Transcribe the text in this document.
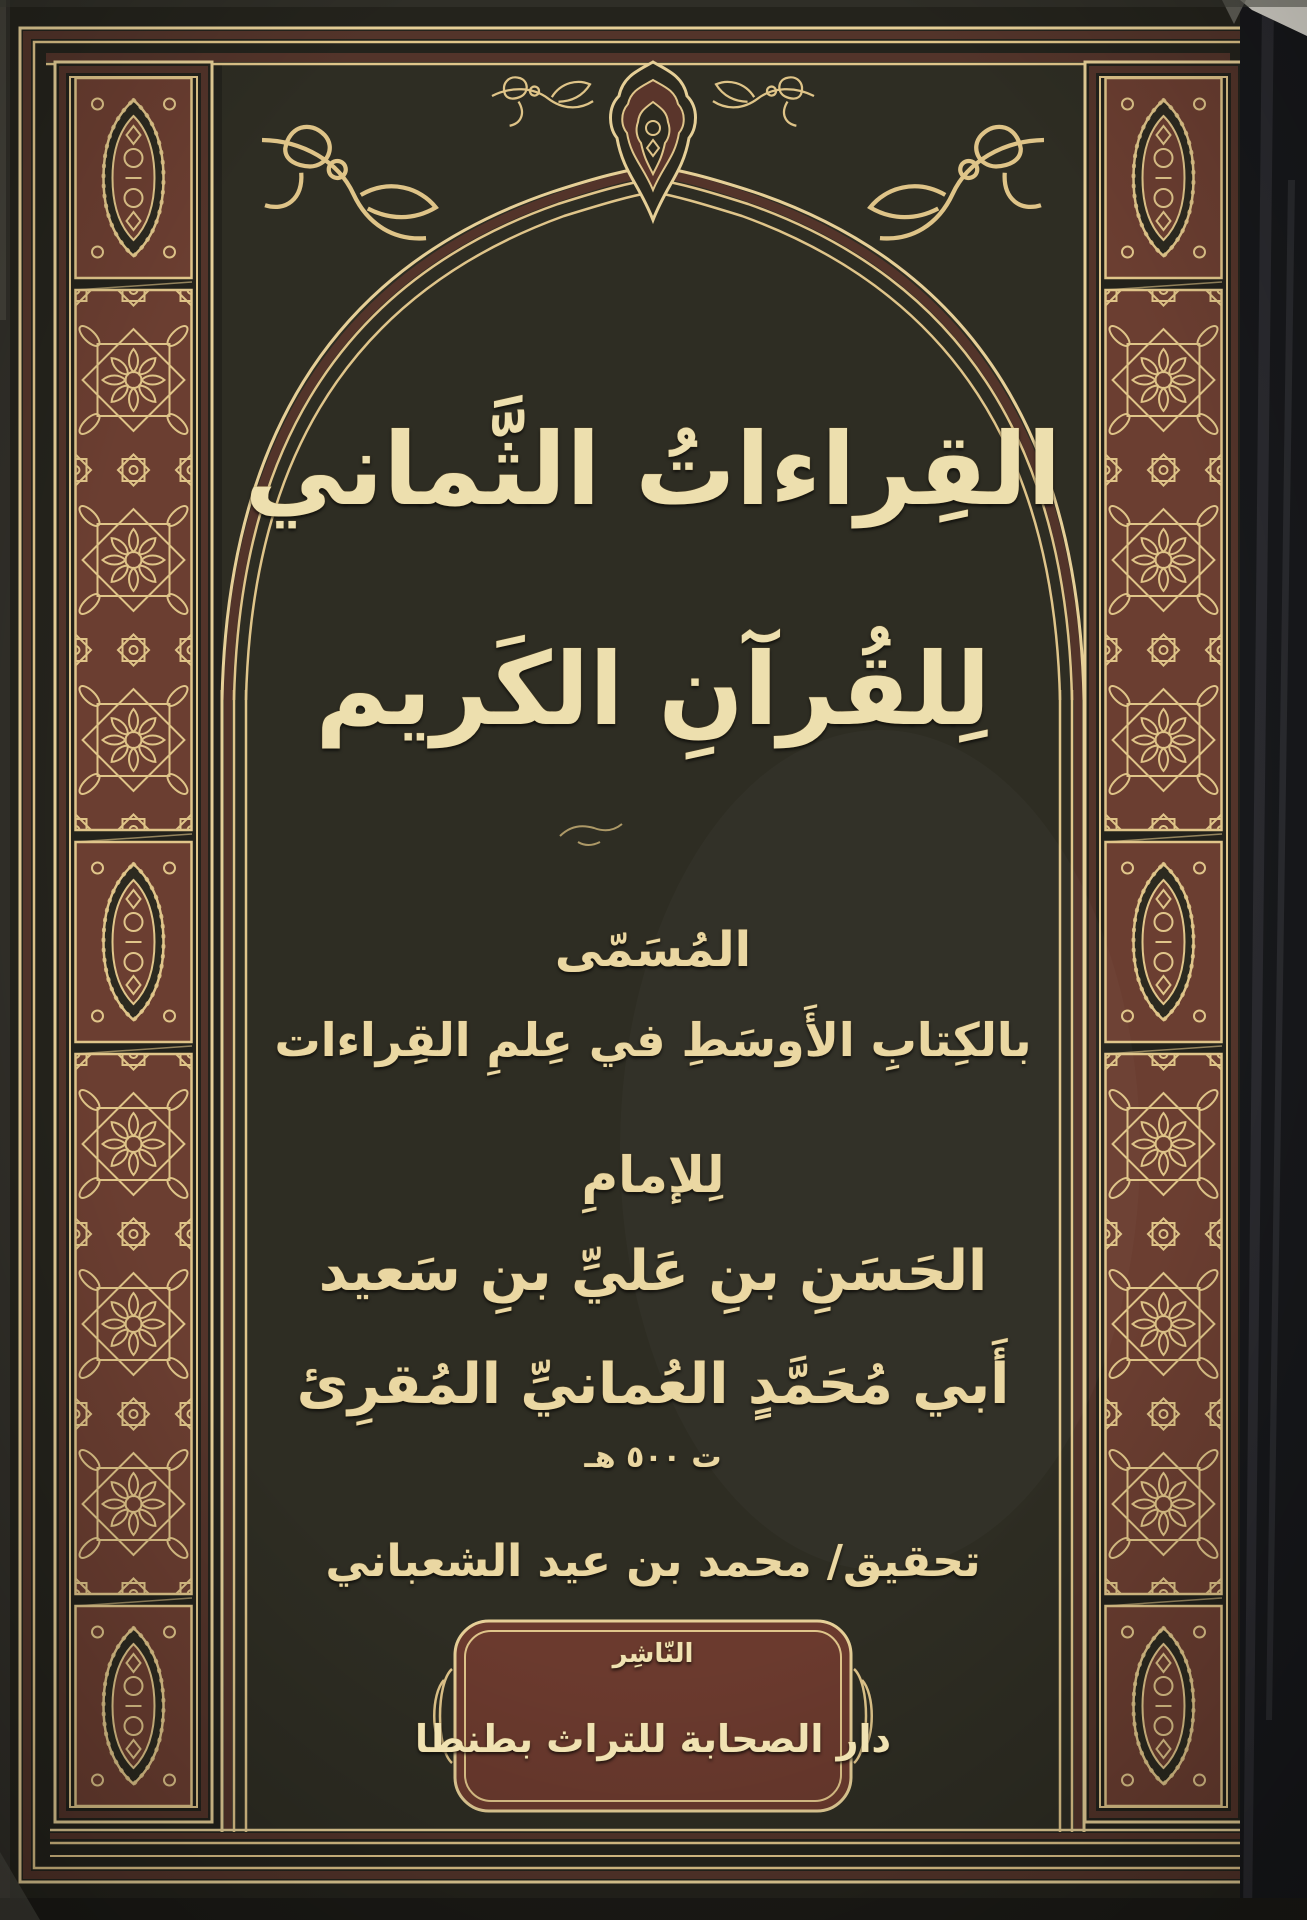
القِراءاتُ الثَّماني
لِلقُرآنِ الكَريم
المُسَمّى
بالكِتابِ الأَوسَطِ في عِلمِ القِراءات
لِلإمامِ
الحَسَنِ بنِ عَليِّ بنِ سَعيد
أَبي مُحَمَّدٍ العُمانيِّ المُقرِئ
ت ٥٠٠ هـ
تحقيق/ محمد بن عيد الشعباني
النّاشِر
دار الصحابة للتراث بطنطا
